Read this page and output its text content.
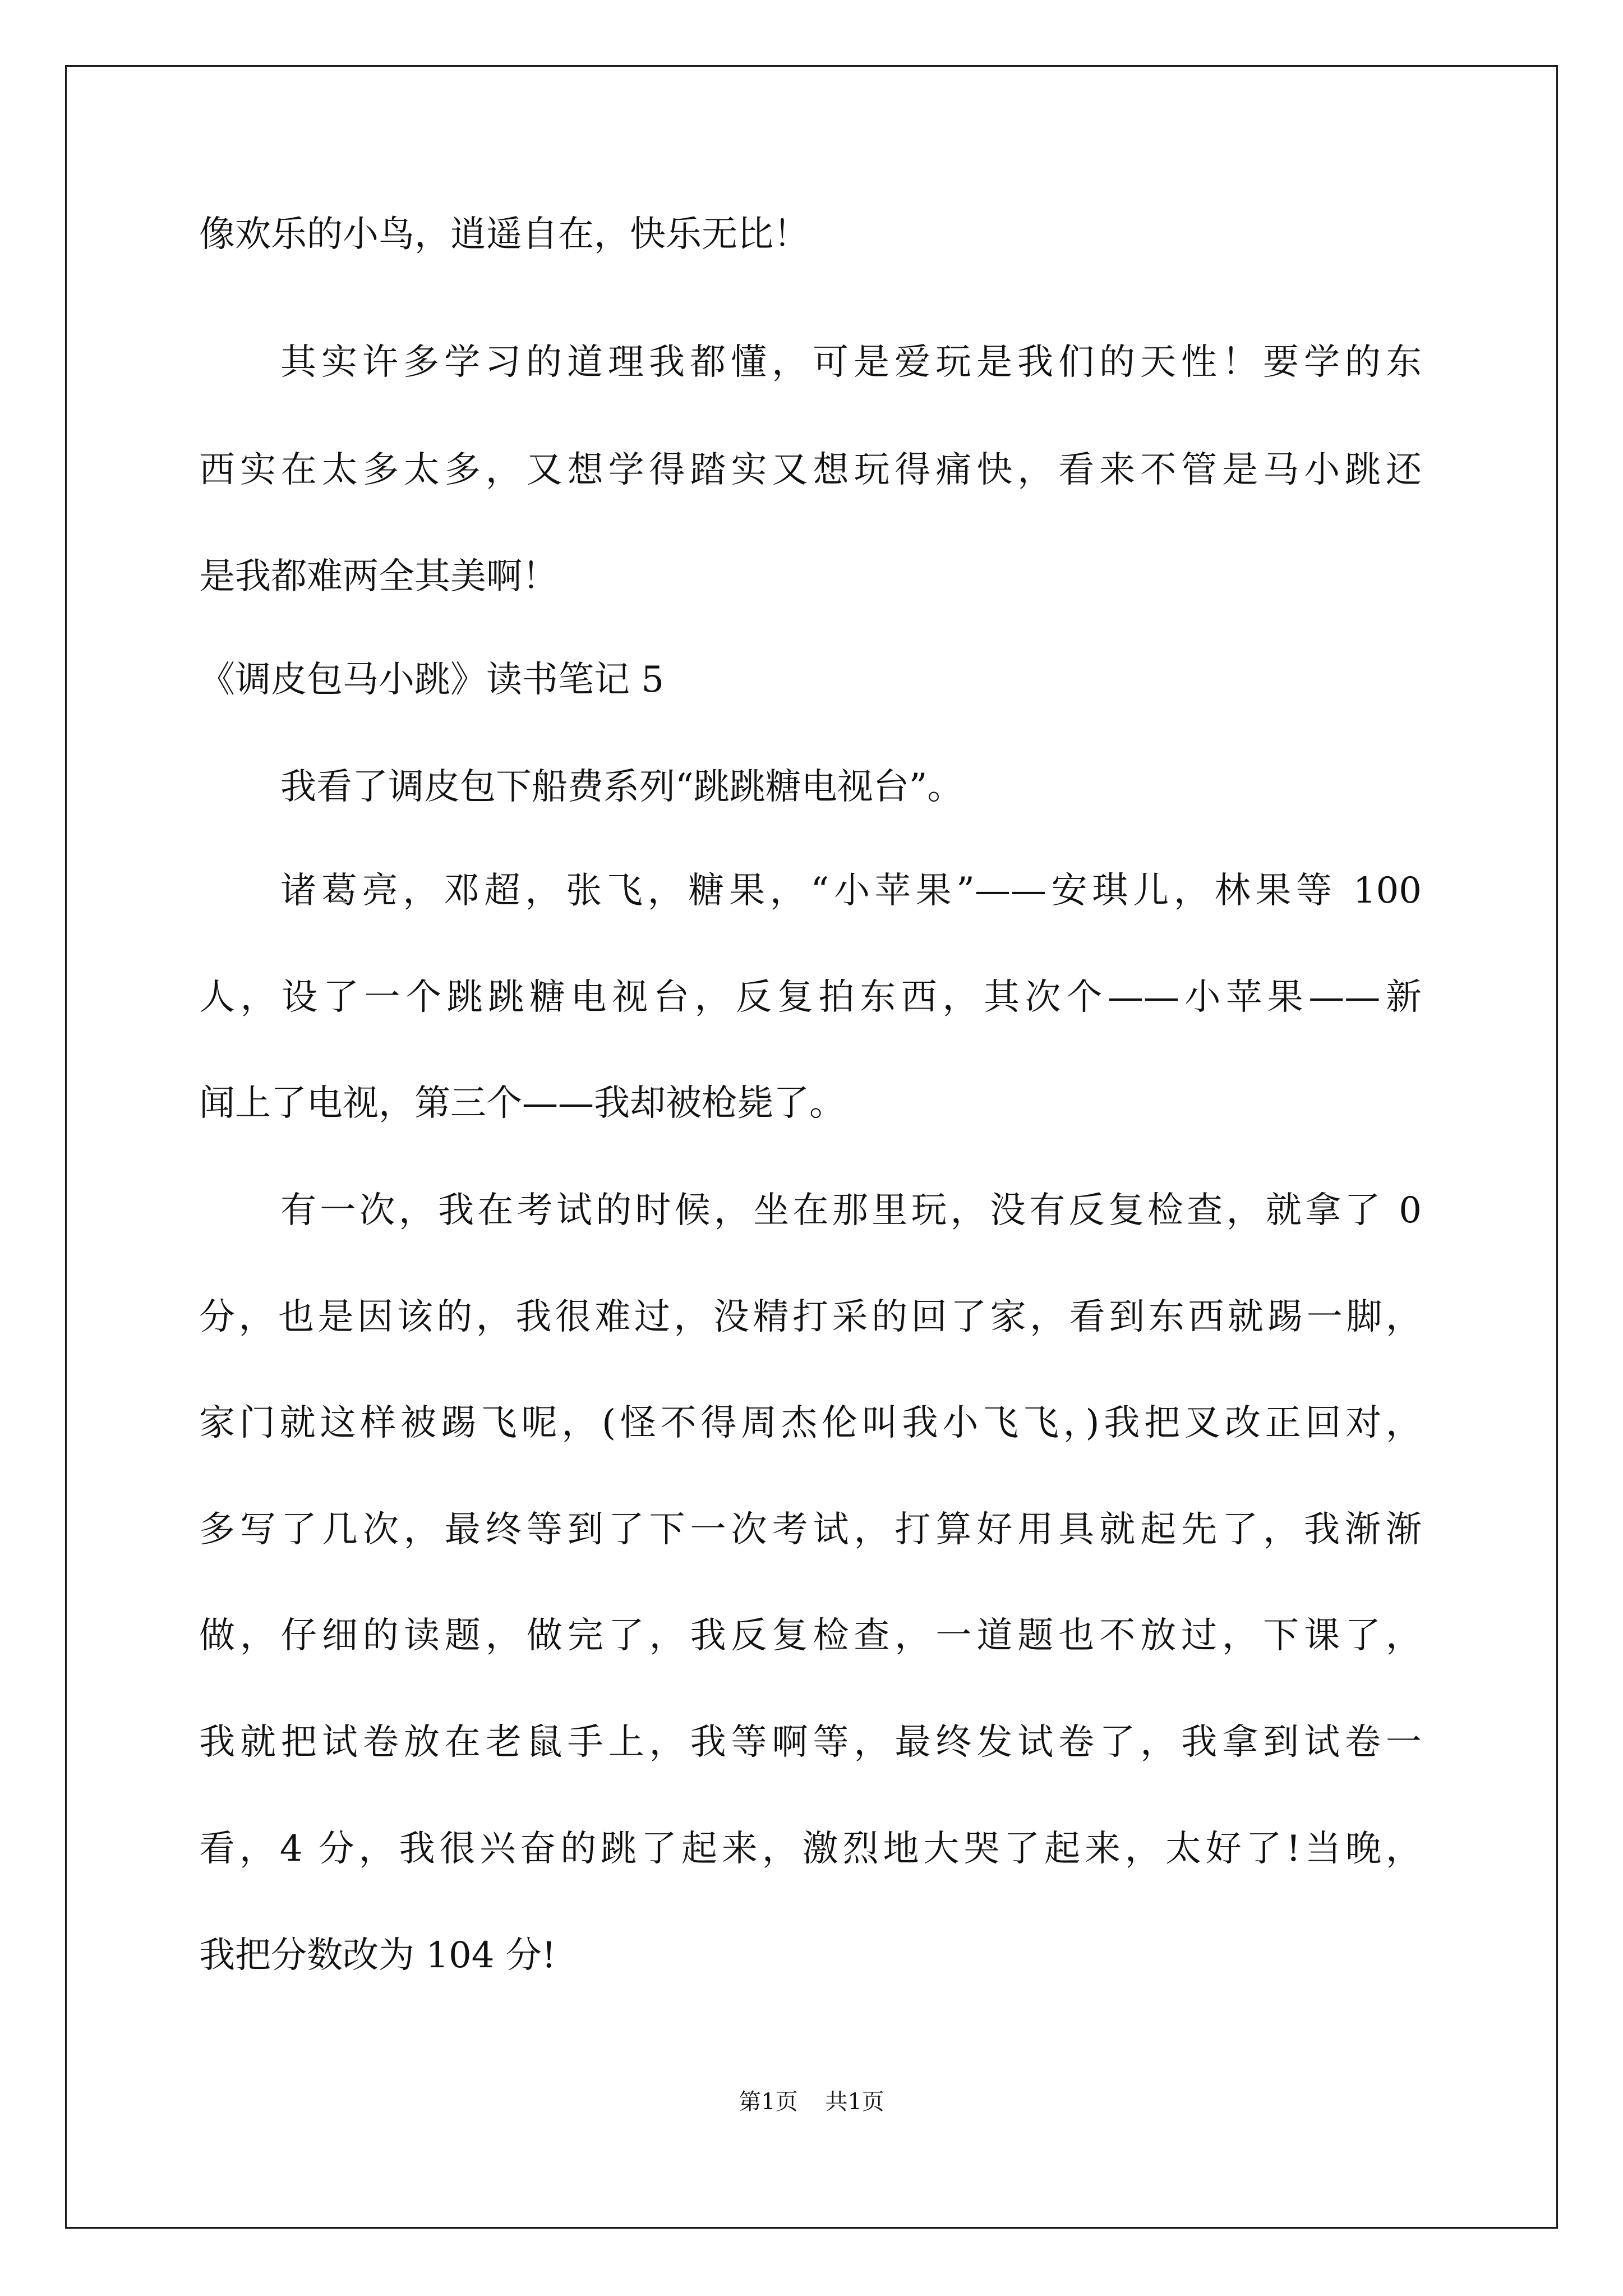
像欢乐的小鸟，逍遥自在，快乐无比！
其实许多学习的道理我都懂，可是爱玩是我们的天性！要学的东
西实在太多太多，又想学得踏实又想玩得痛快，看来不管是马小跳还
是我都难两全其美啊！
《调皮包马小跳》读书笔记 5
我看了调皮包下船费系列“跳跳糖电视台”。
诸葛亮，邓超，张飞，糖果，“小苹果”——安琪儿，林果等 100
人，设了一个跳跳糖电视台，反复拍东西，其次个——小苹果——新
闻上了电视，第三个——我却被枪毙了。
有一次，我在考试的时候，坐在那里玩，没有反复检查，就拿了 0
分，也是因该的，我很难过，没精打采的回了家，看到东西就踢一脚，
家门就这样被踢飞呢，(怪不得周杰伦叫我小飞飞，)我把叉改正回对，
多写了几次，最终等到了下一次考试，打算好用具就起先了，我渐渐
做，仔细的读题，做完了，我反复检查，一道题也不放过，下课了，
我就把试卷放在老鼠手上，我等啊等，最终发试卷了，我拿到试卷一
看，4 分，我很兴奋的跳了起来，激烈地大哭了起来，太好了!当晚，
我把分数改为 104 分!
第1页 共1页
